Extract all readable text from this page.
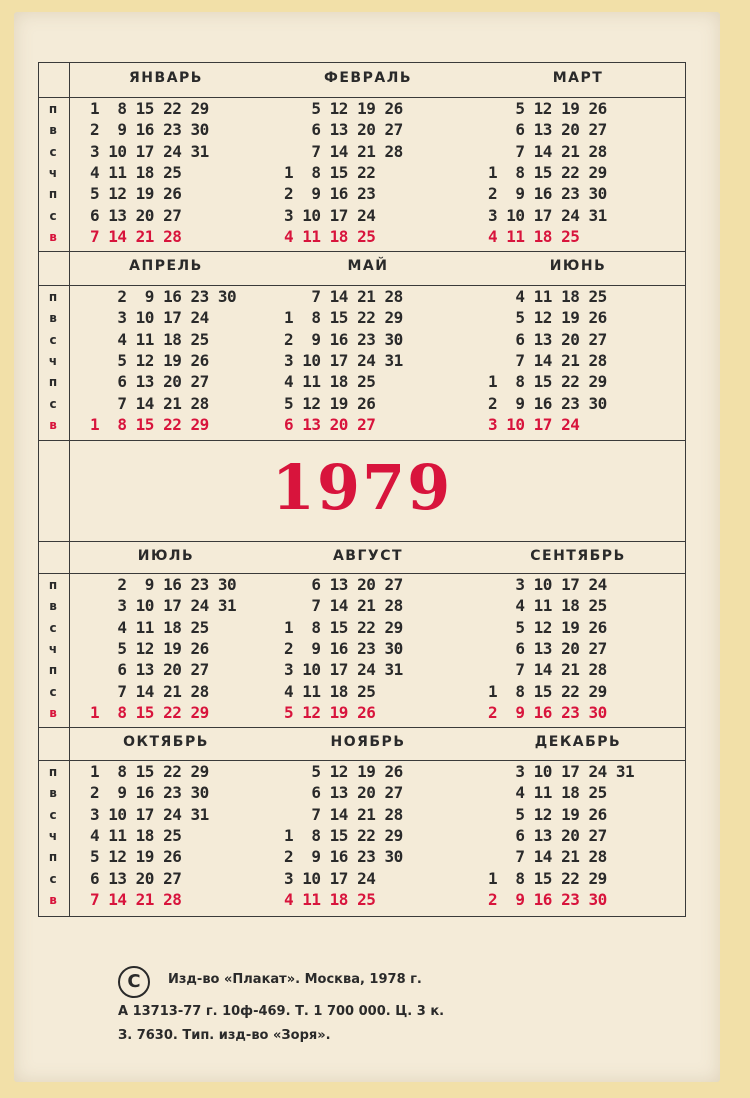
1979
п
в
с
ч
п
с
в
ЯНВАРЬ
1  8 15 22 29
2  9 16 23 30
3 10 17 24 31
4 11 18 25
5 12 19 26
6 13 20 27
7 14 21 28
ФЕВРАЛЬ
5 12 19 26
6 13 20 27
7 14 21 28
1  8 15 22
2  9 16 23
3 10 17 24
4 11 18 25
МАРТ
5 12 19 26
6 13 20 27
7 14 21 28
1  8 15 22 29
2  9 16 23 30
3 10 17 24 31
4 11 18 25
п
в
с
ч
п
с
в
АПРЕЛЬ
2  9 16 23 30
3 10 17 24
4 11 18 25
5 12 19 26
6 13 20 27
7 14 21 28
1  8 15 22 29
МАЙ
7 14 21 28
1  8 15 22 29
2  9 16 23 30
3 10 17 24 31
4 11 18 25
5 12 19 26
6 13 20 27
ИЮНЬ
4 11 18 25
5 12 19 26
6 13 20 27
7 14 21 28
1  8 15 22 29
2  9 16 23 30
3 10 17 24
п
в
с
ч
п
с
в
ИЮЛЬ
2  9 16 23 30
3 10 17 24 31
4 11 18 25
5 12 19 26
6 13 20 27
7 14 21 28
1  8 15 22 29
АВГУСТ
6 13 20 27
7 14 21 28
1  8 15 22 29
2  9 16 23 30
3 10 17 24 31
4 11 18 25
5 12 19 26
СЕНТЯБРЬ
3 10 17 24
4 11 18 25
5 12 19 26
6 13 20 27
7 14 21 28
1  8 15 22 29
2  9 16 23 30
п
в
с
ч
п
с
в
ОКТЯБРЬ
1  8 15 22 29
2  9 16 23 30
3 10 17 24 31
4 11 18 25
5 12 19 26
6 13 20 27
7 14 21 28
НОЯБРЬ
5 12 19 26
6 13 20 27
7 14 21 28
1  8 15 22 29
2  9 16 23 30
3 10 17 24
4 11 18 25
ДЕКАБРЬ
3 10 17 24 31
4 11 18 25
5 12 19 26
6 13 20 27
7 14 21 28
1  8 15 22 29
2  9 16 23 30
C	Изд-во «Плакат». Москва, 1978 г.
А 13713-77 г. 10ф-469. Т. 1 700 000. Ц. 3 к.
З. 7630. Тип. изд-во «Зоря».
